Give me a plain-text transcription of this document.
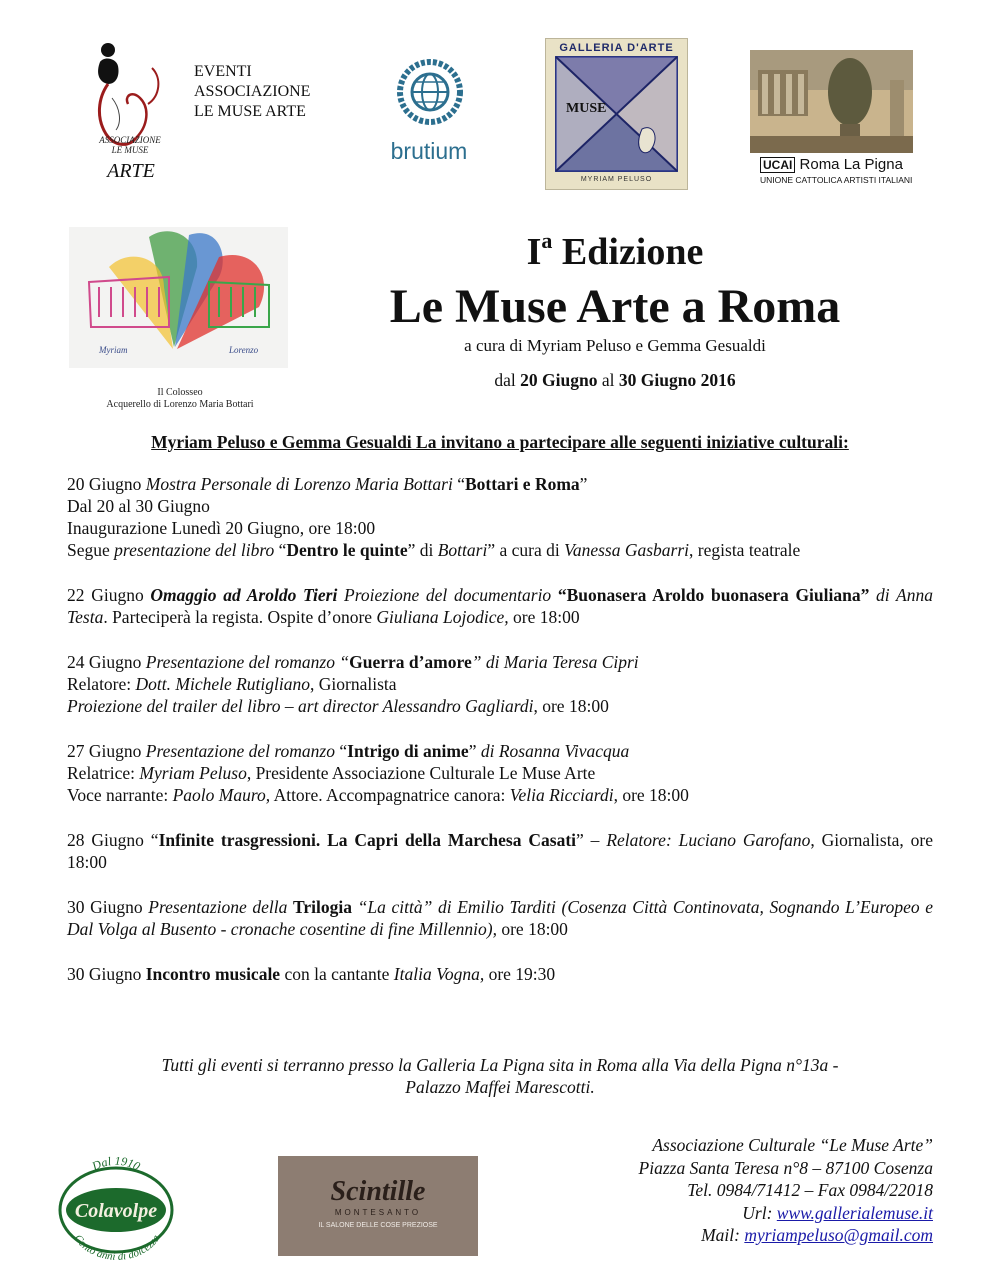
ASSOCIAZIONE
LE MUSE
ARTE
EVENTI
ASSOCIAZIONE
LE MUSE ARTE
brutium
GALLERIA D'ARTE
MUSE
MYRIAM PELUSO
UCAI Roma La Pigna
UNIONE CATTOLICA ARTISTI ITALIANI
Myriam	Lorenzo
Il Colosseo
Acquerello di Lorenzo Maria Bottari
$I^a$ Edizione
Le Muse Arte a Roma
a cura di Myriam Peluso e Gemma Gesualdi
dal 20 Giugno al 30 Giugno 2016
Myriam Peluso e Gemma Gesualdi La invitano a partecipare alle seguenti iniziative culturali:

20 Giugno Mostra Personale di Lorenzo Maria Bottari “Bottari e Roma”

Dal 20 al 30 Giugno

Inaugurazione Lunedì 20 Giugno, ore 18:00

Segue presentazione del libro “Dentro le quinte” di Bottari” a cura di Vanessa Gasbarri, regista teatrale

22 Giugno Omaggio ad Aroldo Tieri Proiezione del documentario “Buonasera Aroldo buonasera Giuliana” di Anna Testa. Parteciperà la regista. Ospite d’onore Giuliana Lojodice, ore 18:00

24 Giugno Presentazione del romanzo “Guerra d’amore” di Maria Teresa Cipri

Relatore: Dott. Michele Rutigliano, Giornalista

Proiezione del trailer del libro – art director Alessandro Gagliardi, ore 18:00

27 Giugno Presentazione del romanzo “Intrigo di anime” di Rosanna Vivacqua

Relatrice: Myriam Peluso, Presidente Associazione Culturale Le Muse Arte

Voce narrante: Paolo Mauro, Attore. Accompagnatrice canora: Velia Ricciardi, ore 18:00

28 Giugno “Infinite trasgressioni. La Capri della Marchesa Casati” – Relatore: Luciano Garofano, Giornalista, ore 18:00

30 Giugno Presentazione della Trilogia “La città” di Emilio Tarditi (Cosenza Città Continovata, Sognando L’Europeo e Dal Volga al Busento - cronache cosentine di fine Millennio), ore 18:00

30 Giugno Incontro musicale con la cantante Italia Vogna, ore 19:30

Tutti gli eventi si terranno presso la Galleria La Pigna sita in Roma alla Via della Pigna n°13a -
Palazzo Maffei Marescotti.
Dal 1910
Colavolpe
Cento anni di dolcezza
Scintille
MONTESANTO
IL SALONE DELLE COSE PREZIOSE
Associazione Culturale “Le Muse Arte”
Piazza Santa Teresa n°8 – 87100 Cosenza
Tel. 0984/71412 – Fax 0984/22018
Url: www.gallerialemuse.it
Mail: myriampeluso@gmail.com
